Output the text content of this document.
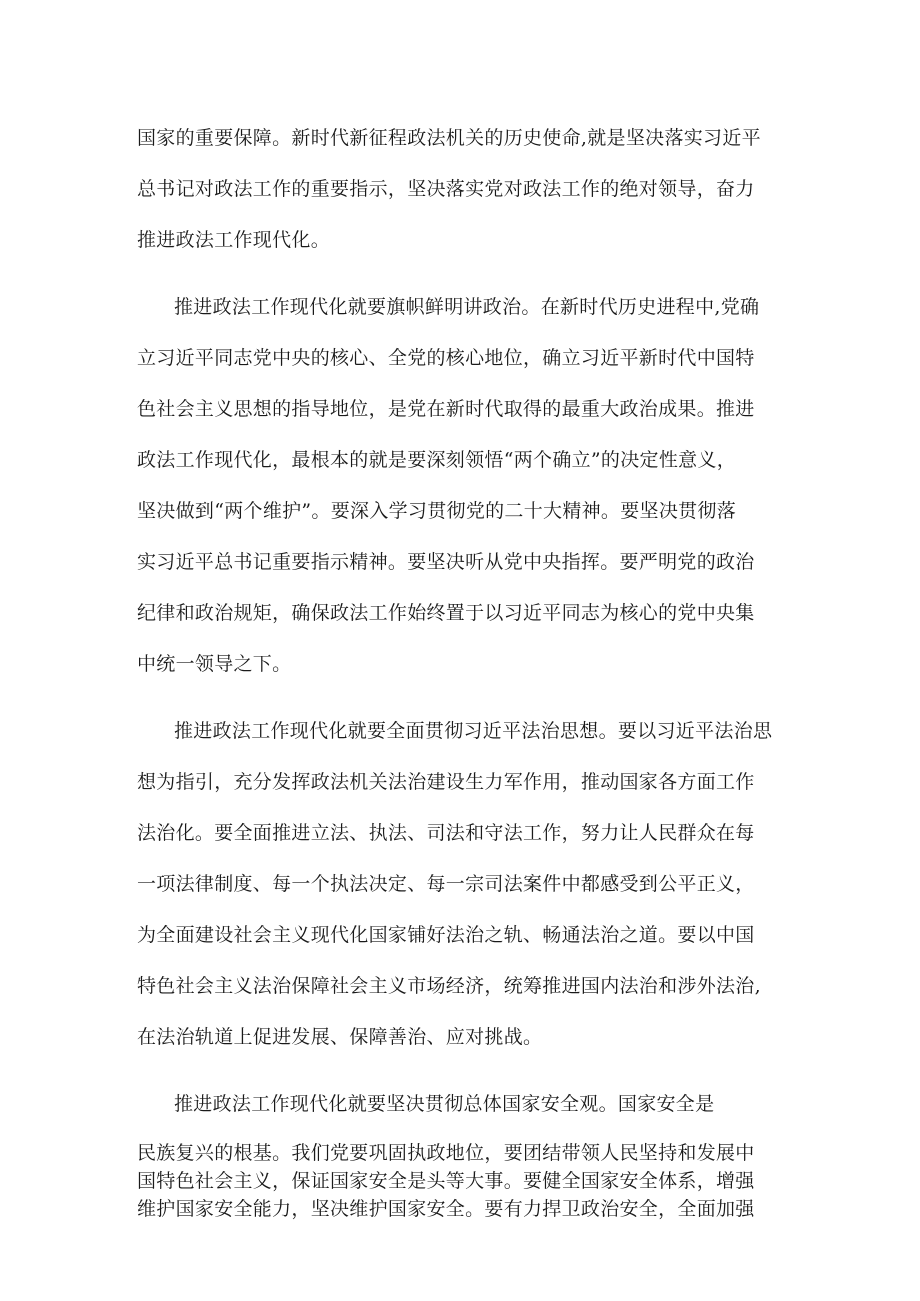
国家的重要保障。新时代新征程政法机关的历史使命,就是坚决落实习近平
总书记对政法工作的重要指示，坚决落实党对政法工作的绝对领导，奋力
推进政法工作现代化。
推进政法工作现代化就要旗帜鲜明讲政治。在新时代历史进程中,党确
立习近平同志党中央的核心、全党的核心地位，确立习近平新时代中国特
色社会主义思想的指导地位，是党在新时代取得的最重大政治成果。推进
政法工作现代化，最根本的就是要深刻领悟“两个确立”的决定性意义，
坚决做到“两个维护”。要深入学习贯彻党的二十大精神。要坚决贯彻落
实习近平总书记重要指示精神。要坚决听从党中央指挥。要严明党的政治
纪律和政治规矩，确保政法工作始终置于以习近平同志为核心的党中央集
中统一领导之下。
推进政法工作现代化就要全面贯彻习近平法治思想。要以习近平法治思
想为指引，充分发挥政法机关法治建设生力军作用，推动国家各方面工作
法治化。要全面推进立法、执法、司法和守法工作，努力让人民群众在每
一项法律制度、每一个执法决定、每一宗司法案件中都感受到公平正义，
为全面建设社会主义现代化国家铺好法治之轨、畅通法治之道。要以中国
特色社会主义法治保障社会主义市场经济，统筹推进国内法治和涉外法治,
在法治轨道上促进发展、保障善治、应对挑战。
推进政法工作现代化就要坚决贯彻总体国家安全观。国家安全是
民族复兴的根基。我们党要巩固执政地位，要团结带领人民坚持和发展中
国特色社会主义，保证国家安全是头等大事。要健全国家安全体系，增强
维护国家安全能力，坚决维护国家安全。要有力捍卫政治安全，全面加强
